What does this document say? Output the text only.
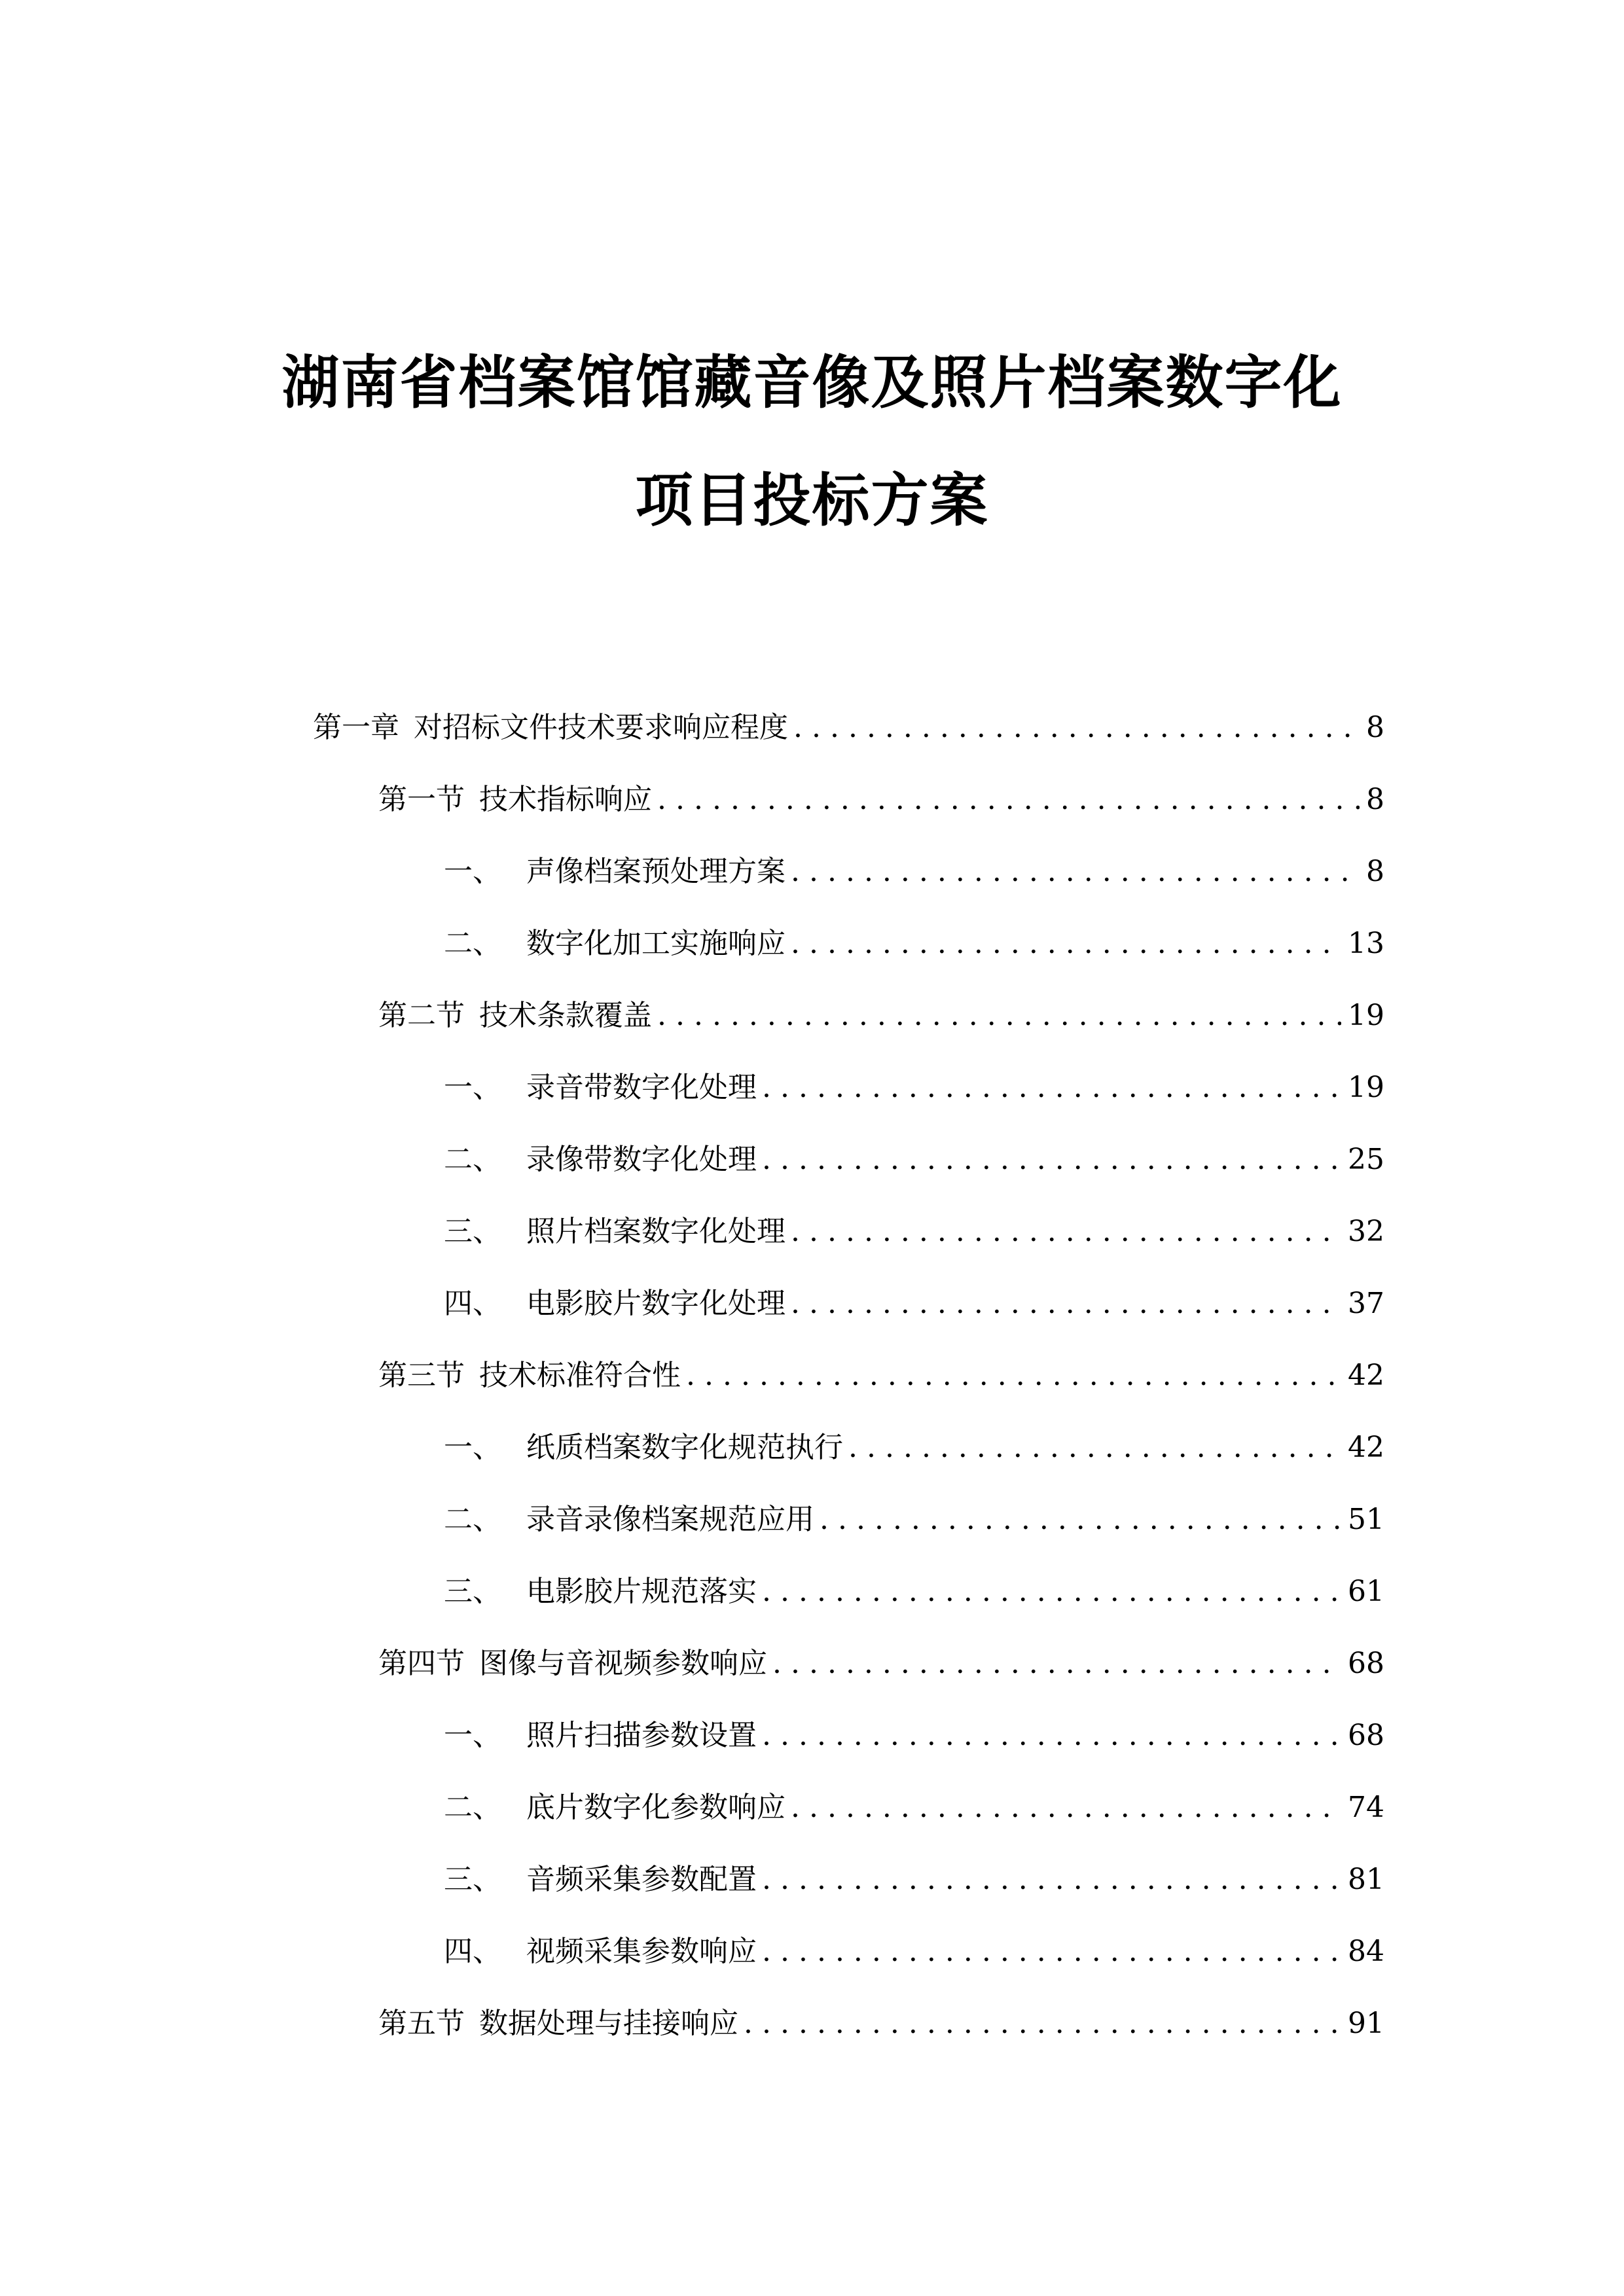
湖南省档案馆馆藏音像及照片档案数字化
项目投标方案
第一章 对招标文件技术要求响应程度 .....	8
第一节 技术指标响应 .....	8
一、 声像档案预处理方案 .....	8
二、 数字化加工实施响应 .....	13
第二节 技术条款覆盖 .....	19
一、 录音带数字化处理 .....	19
二、 录像带数字化处理 .....	25
三、 照片档案数字化处理 .....	32
四、 电影胶片数字化处理 .....	37
第三节 技术标准符合性 .....	42
一、 纸质档案数字化规范执行 .....	42
二、 录音录像档案规范应用 .....	51
三、 电影胶片规范落实 .....	61
第四节 图像与音视频参数响应 .....	68
一、 照片扫描参数设置 .....	68
二、 底片数字化参数响应 .....	74
三、 音频采集参数配置 .....	81
四、 视频采集参数响应 .....	84
第五节 数据处理与挂接响应 .....	91
